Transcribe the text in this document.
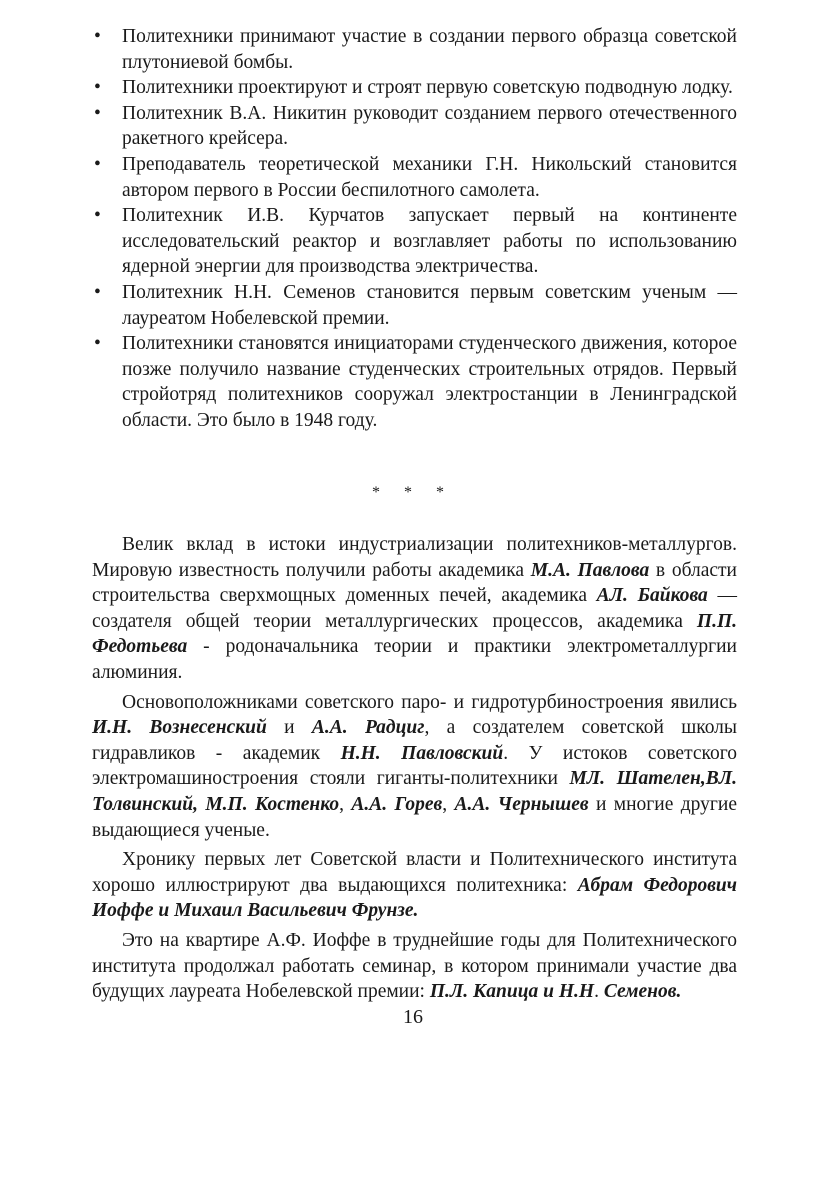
• Политехники принимают участие в создании первого образца советской плутониевой бомбы.
• Политехники проектируют и строят первую советскую подводную лодку.
• Политехник В.А. Никитин руководит созданием первого отечественного ракетного крейсера.
• Преподаватель теоретической механики Г.Н. Никольский становится автором первого в России беспилотного самолета.
• Политехник И.В. Курчатов запускает первый на континенте исследовательский реактор и возглавляет работы по использованию ядерной энергии для производства электричества.
• Политехник Н.Н. Семенов становится первым советским ученым — лауреатом Нобелевской премии.
• Политехники становятся инициаторами студенческого движения, которое позже получило название студенческих строительных отрядов. Первый стройотряд политехников сооружал электростанции в Ленинградской области. Это было в 1948 году.
* * *

Велик вклад в истоки индустриализации политехников-металлургов. Мировую известность получили работы академика М.А. Павлова в области строительства сверхмощных доменных печей, академика АЛ. Байкова — создателя общей теории металлургических процессов, академика П.П. Федотьева - родоначальника теории и практики электрометаллургии алюминия.

Основоположниками советского паро- и гидротурбиностроения явились И.Н. Вознесенский и А.А. Радциг, а создателем советской школы гидравликов - академик Н.Н. Павловский. У истоков советского электромашиностроения стояли гиганты-политехники МЛ. Шателен,ВЛ. Толвинский, М.П. Костенко, А.А. Горев, А.А. Чернышев и многие другие выдающиеся ученые.

Хронику первых лет Советской власти и Политехнического института хорошо иллюстрируют два выдающихся политехника: Абрам Федорович Иоффе и Михаил Васильевич Фрунзе.

Это на квартире А.Ф. Иоффе в труднейшие годы для Политехнического института продолжал работать семинар, в котором принимали участие два будущих лауреата Нобелевской премии: П.Л. Капица и Н.Н. Семенов.

16
